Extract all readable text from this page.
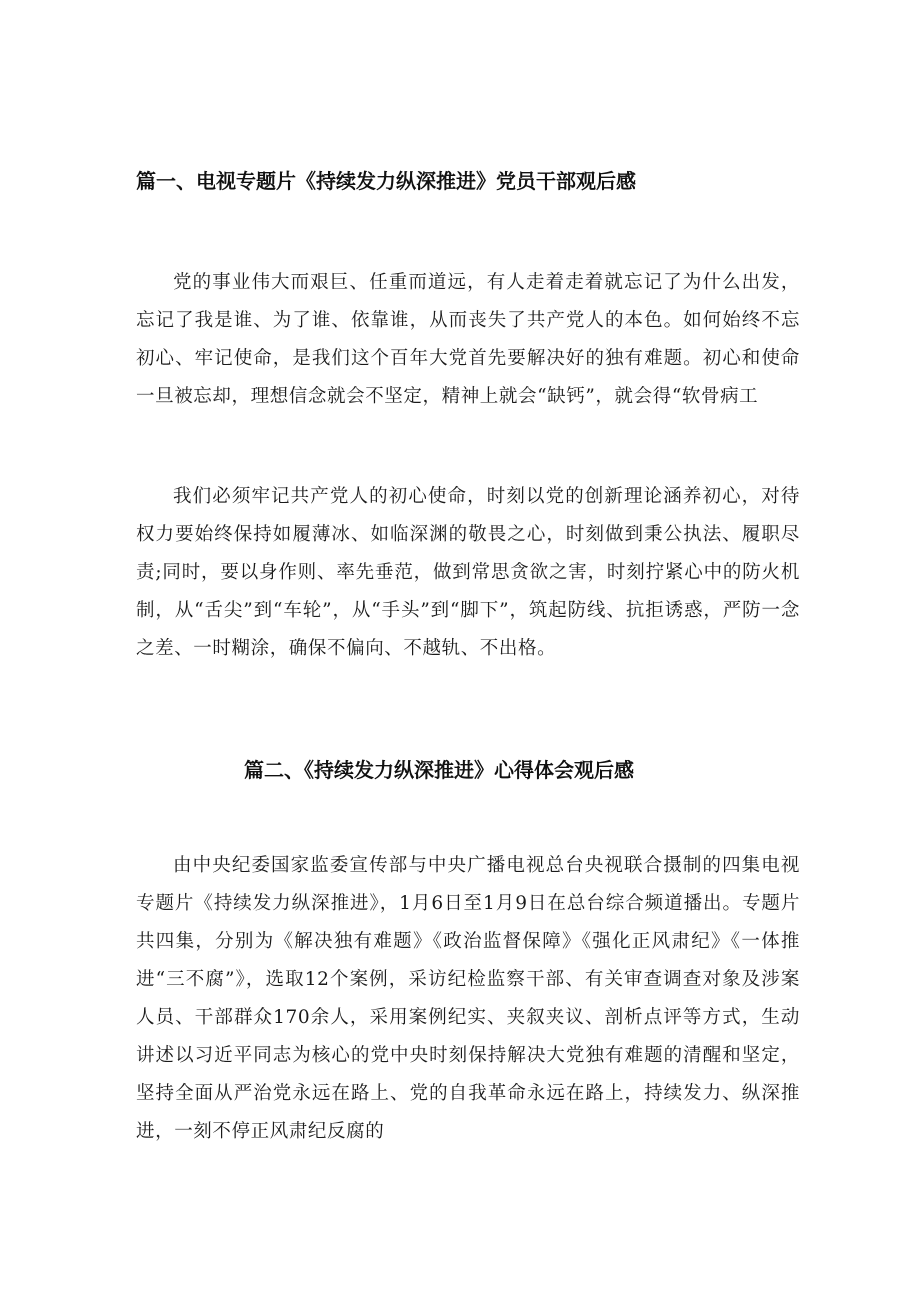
篇一、电视专题片《持续发力纵深推进》党员干部观后感

党的事业伟大而艰巨、任重而道远，有人走着走着就忘记了为什么出发，忘记了我是谁、为了谁、依靠谁，从而丧失了共产党人的本色。如何始终不忘初心、牢记使命，是我们这个百年大党首先要解决好的独有难题。初心和使命一旦被忘却，理想信念就会不坚定，精神上就会“缺钙”，就会得“软骨病工

我们必须牢记共产党人的初心使命，时刻以党的创新理论涵养初心，对待权力要始终保持如履薄冰、如临深渊的敬畏之心，时刻做到秉公执法、履职尽责;同时，要以身作则、率先垂范，做到常思贪欲之害，时刻拧紧心中的防火机制，从“舌尖”到“车轮”，从“手头”到“脚下”，筑起防线、抗拒诱惑，严防一念之差、一时糊涂，确保不偏向、不越轨、不出格。

篇二、《持续发力纵深推进》心得体会观后感

由中央纪委国家监委宣传部与中央广播电视总台央视联合摄制的四集电视专题片《持续发力纵深推进》，1月6日至1月9日在总台综合频道播出。专题片共四集，分别为《解决独有难题》《政治监督保障》《强化正风肃纪》《一体推进“三不腐”》，选取12个案例，采访纪检监察干部、有关审查调查对象及涉案人员、干部群众170余人，采用案例纪实、夹叙夹议、剖析点评等方式，生动讲述以习近平同志为核心的党中央时刻保持解决大党独有难题的清醒和坚定，坚持全面从严治党永远在路上、党的自我革命永远在路上，持续发力、纵深推进，一刻不停正风肃纪反腐的
